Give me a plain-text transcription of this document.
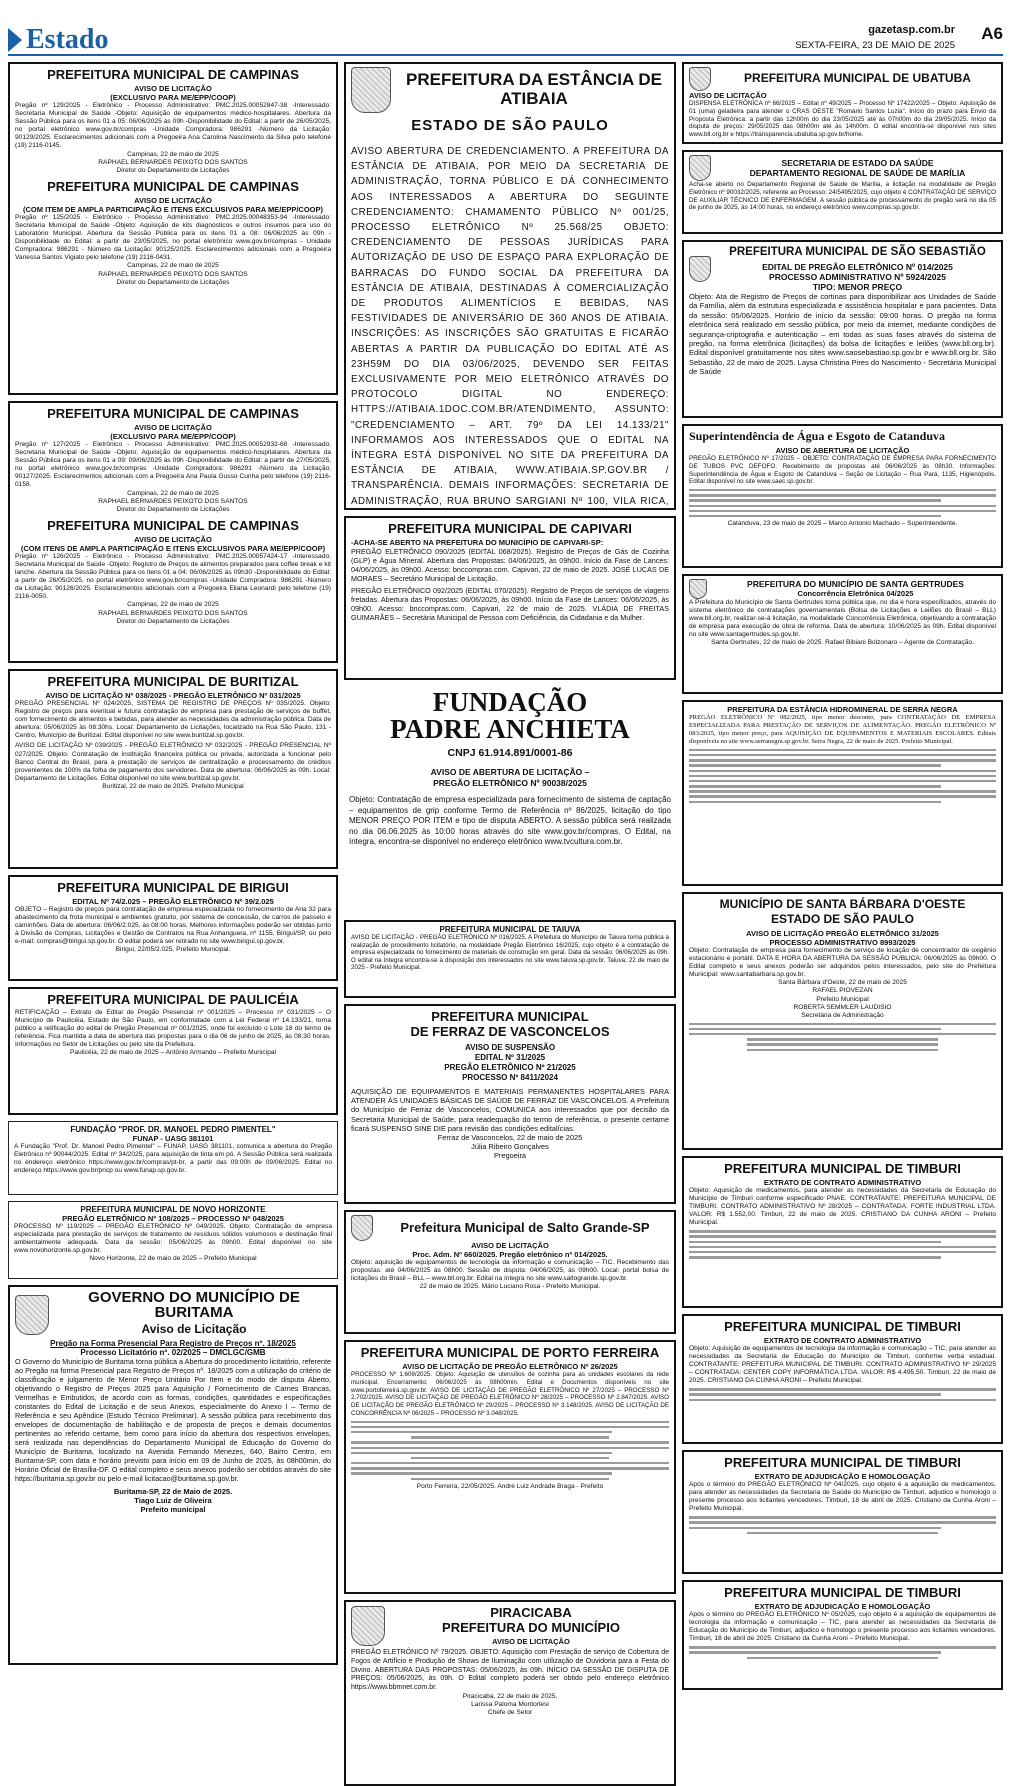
Estado	gazetasp.com.br
SEXTA-FEIRA, 23 DE MAIO DE 2025
A6
PREFEITURA MUNICIPAL DE CAMPINAS
AVISO DE LICITAÇÃO
(EXCLUSIVO PARA ME/EPP/COOP)
Pregão nº 129/2025 - Eletrônico - Processo Administrativo: PMC.2025.00052847-38 -Interessado: Secretaria Municipal de Saúde -Objeto: Aquisição de equipamentos médico-hospitalares. Abertura da Sessão Pública para os itens 01 a 05: 06/06/2025 às 09h -Disponibilidade do Edital: a partir de 26/05/2025, no portal eletrônico www.gov.br/compras -Unidade Compradora: 986291 -Número da Licitação: 90129/2025. Esclarecimentos adicionais com a Pregoeira Ana Carolina Nascimento da Silva pelo telefone (19) 2116-0145.
Campinas, 22 de maio de 2025
RAPHAEL BERNARDES PEIXOTO DOS SANTOS
Diretor do Departamento de Licitações
PREFEITURA MUNICIPAL DE CAMPINAS
AVISO DE LICITAÇÃO
(COM ITEM DE AMPLA PARTICIPAÇÃO E ITENS EXCLUSIVOS PARA ME/EPP/COOP)
Pregão nº 125/2025 - Eletrônico - Processo Administrativo: PMC.2025.00048353-94 -Interessado: Secretaria Municipal de Saúde -Objeto: Aquisição de kits diagnósticos e outros insumos para uso do Laboratório Municipal. Abertura da Sessão Pública para os itens 01 a 08: 06/06/2025 às 09h -Disponibilidade do Edital: a partir de 23/05/2025, no portal eletrônico www.gov.br/compras - Unidade Compradora: 986291 - Número da Licitação: 90125/2025. Esclarecimentos adicionais com a Pregoeira Vanessa Santos Vigiato pelo telefone (19) 2116-0431.
Campinas, 22 de maio de 2025
RAPHAEL BERNARDES PEIXOTO DOS SANTOS
Diretor do Departamento de Licitações
PREFEITURA MUNICIPAL DE CAMPINAS
AVISO DE LICITAÇÃO
(EXCLUSIVO PARA ME/EPP/COOP)
Pregão nº 127/2025 - Eletrônico - Processo Administrativo: PMC.2025.00052932-68 -Interessado: Secretaria Municipal de Saúde -Objeto: Aquisição de equipamentos médico-hospitalares. Abertura da Sessão Pública para os itens 01 a 09: 09/06/2025 às 09h -Disponibilidade do Edital: a partir de 27/05/2025, no portal eletrônico www.gov.br/compras -Unidade Compradora: 986291 -Número da Licitação: 90127/2025. Esclarecimentos adicionais com a Pregoeira Ana Paula Gusso Cunha pelo telefone (19) 2116-0158.
Campinas, 22 de maio de 2025
RAPHAEL BERNARDES PEIXOTO DOS SANTOS
Diretor do Departamento de Licitações
PREFEITURA MUNICIPAL DE CAMPINAS
AVISO DE LICITAÇÃO
(COM ITENS DE AMPLA PARTICIPAÇÃO E ITENS EXCLUSIVOS PARA ME/EPP/COOP)
Pregão nº 126/2025 - Eletrônico - Processo Administrativo: PMC.2025.00057424-17 -Interessado: Secretaria Municipal de Saúde -Objeto: Registro de Preços de alimentos preparados para coffee break e kit lanche. Abertura da Sessão Pública para os itens 01 a 04: 06/06/2025 às 09h30 -Disponibilidade do Edital: a partir de 26/05/2025, no portal eletrônico www.gov.br/compras -Unidade Compradora: 986291 -Número da Licitação: 90126/2025. Esclarecimentos adicionais com a Pregoeira Eliana Leonardi pelo telefone (19) 2116-0050.
Campinas, 22 de maio de 2025
RAPHAEL BERNARDES PEIXOTO DOS SANTOS
Diretor do Departamento de Licitações
PREFEITURA MUNICIPAL DE BURITIZAL
AVISO DE LICITAÇÃO Nº 038/2025 - PREGÃO ELETRÔNICO Nº 031/2025
PREGÃO PRESENCIAL Nº 024/2025, SISTEMA DE REGISTRO DE PREÇOS Nº 035/2025. Objeto: Registro de preços para eventual e futura contratação de empresa para prestação de serviços de buffet, com fornecimento de alimentos e bebidas, para atender as necessidades da administração pública. Data de abertura: 05/06/2025 às 08:30hs. Local: Departamento de Licitações, localizado na Rua São Paulo, 131 - Centro, Município de Buritizal. Edital disponível no site www.buritizal.sp.gov.br.
AVISO DE LICITAÇÃO Nº 039/2025 - PREGÃO ELETRÔNICO Nº 032/2025 - PREGÃO PRESENCIAL Nº 027/2025. Objeto: Contratação de instituição financeira pública ou privada, autorizada a funcionar pelo Banco Central do Brasil, para a prestação de serviços de centralização e processamento de créditos provenientes de 100% da folha de pagamento dos servidores. Data de abertura: 06/06/2025 às 09h. Local: Departamento de Licitações. Edital disponível no site www.buritizal.sp.gov.br.
Buritizal, 22 de maio de 2025. Prefeito Municipal
PREFEITURA MUNICIPAL DE BIRIGUI
EDITAL Nº 74/2.025 – PREGÃO ELETRÔNICO Nº 39/2.025
OBJETO – Registro de preços para contratação de empresa especializada no fornecimento de Aria 32 para abastecimento da frota municipal e ambientes gratuito, por sistema de concessão, de carros de passeio e caminhões. Data de abertura: 06/06/2.025, às 08:00 horas. Melhores informações poderão ser obtidas junto à Divisão de Compras, Licitações e Gestão de Contratos na Rua Anhanguera, nº 1155, Birigui/SP, ou pelo e-mail: compras@birigui.sp.gov.br. O edital poderá ser retirado no site www.birigui.sp.gov.br.
Birigui, 22/05/2.025. Prefeito Municipal.
PREFEITURA MUNICIPAL DE PAULICÉIA
RETIFICAÇÃO – Extrato de Edital de Pregão Presencial nº 001/2025 – Processo nº 031/2025 – O Município de Paulicéia, Estado de São Paulo, em conformidade com a Lei Federal nº 14.133/21, torna público a retificação do edital de Pregão Presencial nº 001/2025, onde foi excluído o Lote 18 do termo de referência. Fica mantida a data de abertura das propostas para o dia 06 de junho de 2025, às 08:30 horas. Informações no Setor de Licitações ou pelo site da Prefeitura.
Paulicéia, 22 de maio de 2025 – Antônio Armando – Prefeito Municipal
FUNDAÇÃO "PROF. DR. MANOEL PEDRO PIMENTEL"
FUNAP - UASG 381101
A Fundação "Prof. Dr. Manoel Pedro Pimentel" – FUNAP, UASG 381101, comunica a abertura do Pregão Eletrônico nº 90044/2025. Edital nº 34/2025, para aquisição de tinta em pó. A Sessão Pública será realizada no endereço eletrônico https://www.gov.br/compras/pt-br, a partir das 09:00h de 09/06/2025. Edital no endereço https://www.gov.br/pncp ou www.funap.sp.gov.br.
PREFEITURA MUNICIPAL DE NOVO HORIZONTE
PREGÃO ELETRÔNICO Nº 108/2025 – PROCESSO Nº 048/2025
PROCESSO Nº 119/2025 – PREGÃO ELETRÔNICO Nº 049/2025. Objeto: Contratação de empresa especializada para prestação de serviços de tratamento de resíduos sólidos volumosos e destinação final ambientalmente adequada. Data da sessão: 05/06/2025 às 09h00. Edital disponível no site www.novohorizonte.sp.gov.br.
Novo Horizonte, 22 de maio de 2025 – Prefeito Municipal
GOVERNO DO MUNICÍPIO DE BURITAMA
Aviso de Licitação
Pregão na Forma Presencial Para Registro de Preços nº. 18/2025
Processo Licitatório nº. 02/2025 – DMCLGC/GMB
O Governo do Município de Buritama torna pública a Abertura do procedimento licitatório, referente ao Pregão na forma Presencial para Registro de Preços nº. 18/2025 com a utilização do critério de classificação e julgamento de Menor Preço Unitário Por Item e do modo de disputa Aberto, objetivando o Registro de Preços 2025 para Aquisição / Fornecimento de Carnes Brancas, Vermelhas e Embutidos, de acordo com as formas, condições, quantidades e especificações constantes do Edital de Licitação e de seus Anexos, especialmente do Anexo I – Termo de Referência e seu Apêndice (Estudo Técnico Preliminar). A sessão pública para recebimento dos envelopes de documentação de habilitação e de proposta de preços e demais documentos pertinentes ao referido certame, bem como para início da abertura dos respectivos envelopes, será realizada nas dependências do Departamento Municipal de Educação do Governo do Município de Buritama, localizado na Avenida Fernando Menezes, 640, Bairro Centro, em Buritama-SP, com data e horário previsto para início em 09 de Junho de 2025, às 08h00min, do Horário Oficial de Brasília-DF. O edital completo e seus anexos poderão ser obtidos através do site https://buritama.sp.gov.br ou pelo e-mail licitacao@buritama.sp.gov.br.
Buritama-SP, 22 de Maio de 2025.
Tiago Luiz de Oliveira
Prefeito municipal
PREFEITURA DA ESTÂNCIA DE ATIBAIA
ESTADO DE SÃO PAULO
AVISO ABERTURA DE CREDENCIAMENTO. A PREFEITURA DA ESTÂNCIA DE ATIBAIA, POR MEIO DA SECRETARIA DE ADMINISTRAÇÃO, TORNA PÚBLICO E DÁ CONHECIMENTO AOS INTERESSADOS A ABERTURA DO SEGUINTE CREDENCIAMENTO: CHAMAMENTO PÚBLICO Nº 001/25, PROCESSO ELETRÔNICO Nº 25.568/25 OBJETO: CREDENCIAMENTO DE PESSOAS JURÍDICAS PARA AUTORIZAÇÃO DE USO DE ESPAÇO PARA EXPLORAÇÃO DE BARRACAS DO FUNDO SOCIAL DA PREFEITURA DA ESTÂNCIA DE ATIBAIA, DESTINADAS À COMERCIALIZAÇÃO DE PRODUTOS ALIMENTÍCIOS E BEBIDAS, NAS FESTIVIDADES DE ANIVERSÁRIO DE 360 ANOS DE ATIBAIA. INSCRIÇÕES: AS INSCRIÇÕES SÃO GRATUITAS E FICARÃO ABERTAS A PARTIR DA PUBLICAÇÃO DO EDITAL ATÉ AS 23H59M DO DIA 03/06/2025, DEVENDO SER FEITAS EXCLUSIVAMENTE POR MEIO ELETRÔNICO ATRAVÉS DO PROTOCOLO DIGITAL NO ENDEREÇO: HTTPS://ATIBAIA.1DOC.COM.BR/ATENDIMENTO, ASSUNTO: "CREDENCIAMENTO – ART. 79º DA LEI 14.133/21" INFORMAMOS AOS INTERESSADOS QUE O EDITAL NA ÍNTEGRA ESTÁ DISPONÍVEL NO SITE DA PREFEITURA DA ESTÂNCIA DE ATIBAIA, WWW.ATIBAIA.SP.GOV.BR / TRANSPARÊNCIA. DEMAIS INFORMAÇÕES: SECRETARIA DE ADMINISTRAÇÃO, RUA BRUNO SARGIANI Nº 100, VILA RICA,
PREFEITURA MUNICIPAL DE CAPIVARI
-ACHA-SE ABERTO NA PREFEITURA DO MUNICÍPIO DE CAPIVARI-SP:
PREGÃO ELETRÔNICO 090/2025 (EDITAL 068/2025). Registro de Preços de Gás de Cozinha (GLP) e Água Mineral. Abertura das Propostas: 04/06/2025, às 09h00. Início da Fase de Lances: 04/06/2025, às 09h00. Acesso: bnccompras.com. Capivari, 22 de maio de 2025. JOSÉ LUCAS DE MORAES – Secretário Municipal de Licitação.
PREGÃO ELETRÔNICO 092/2025 (EDITAL 070/2025). Registro de Preços de serviços de viagens fretadas. Abertura das Propostas: 06/06/2025, às 09h00. Início da Fase de Lances: 06/06/2025, às 09h00. Acesso: bnccompras.com. Capivari, 22 de maio de 2025. VLÁDIA DE FREITAS GUIMARÃES – Secretária Municipal de Pessoa com Deficiência, da Cidadania e da Mulher.
FUNDAÇÃO PADRE ANCHIETA
CNPJ 61.914.891/0001-86
AVISO DE ABERTURA DE LICITAÇÃO –
PREGÃO ELETRÔNICO Nº 90038/2025
Objeto: Contratação de empresa especializada para fornecimento de sistema de captação – equipamentos de grip conforme Termo de Referência nº 86/2025, licitação do tipo MENOR PREÇO POR ITEM e tipo de disputa ABERTO. A sessão pública será realizada no dia 06.06.2025 às 10:00 horas através do site www.gov.br/compras. O Edital, na íntegra, encontra-se disponível no endereço eletrônico www.tvcultura.com.br.
PREFEITURA MUNICIPAL DE TAIUVA
AVISO DE LICITAÇÃO - PREGÃO ELETRÔNICO Nº 016/2025. A Prefeitura do Município de Taiuva torna pública a realização de procedimento licitatório, na modalidade Pregão Eletrônico 16/2025, cujo objeto é a contratação de empresa especializada no fornecimento de materiais de construção em geral. Data da sessão: 06/06/2025 às 09h. O edital na íntegra encontra-se à disposição dos interessados no site www.taiuva.sp.gov.br. Taiuva, 22 de maio de 2025 - Prefeito Municipal.
PREFEITURA MUNICIPAL
DE FERRAZ DE VASCONCELOS
AVISO DE SUSPENSÃO
EDITAL Nº 31/2025
PREGÃO ELETRÔNICO Nº 21/2025
PROCESSO Nº 8411/2024
AQUISIÇÃO DE EQUIPAMENTOS E MATERIAIS PERMANENTES HOSPITALARES PARA ATENDER ÀS UNIDADES BÁSICAS DE SAÚDE DE FERRAZ DE VASCONCELOS. A Prefeitura do Município de Ferraz de Vasconcelos, COMUNICA aos interessados que por decisão da Secretaria Municipal de Saúde, para readequação do termo de referência, o presente certame ficará SUSPENSO SINE DIE para revisão das condições editalícias.
Ferraz de Vasconcelos, 22 de maio de 2025
Júlia Ribeiro Gonçalves
Pregoeira
Prefeitura Municipal de Salto Grande-SP
AVISO DE LICITAÇÃO
Proc. Adm. Nº 660/2025. Pregão eletrônico nº 014/2025.
Objeto: aquisição de equipamentos de tecnologia da informação e comunicação – TIC. Recebimento das propostas: até 04/06/2025 às 08h00. Sessão de disputa: 04/06/2025, às 09h00. Local: portal bolsa de licitações do Brasil – BLL – www.bll.org.br. Edital na íntegra no site www.saltogrande.sp.gov.br.
22 de maio de 2025. Mário Luciano Rosa - Prefeito Municipal.
PREFEITURA MUNICIPAL DE PORTO FERREIRA
AVISO DE LICITAÇÃO DE PREGÃO ELETRÔNICO Nº 26/2025
PROCESSO Nº 1.609/2025. Objeto: Aquisição de utensílios de cozinha para as unidades escolares da rede municipal. Encerramento: 06/06/2025 às 08h00min. Edital e Documentos disponíveis no site www.portoferreira.sp.gov.br. AVISO DE LICITAÇÃO DE PREGÃO ELETRÔNICO Nº 27/2025 – PROCESSO Nº 2.702/2025. AVISO DE LICITAÇÃO DE PREGÃO ELETRÔNICO Nº 28/2025 – PROCESSO Nº 2.847/2025. AVISO DE LICITAÇÃO DE PREGÃO ELETRÔNICO Nº 29/2025 – PROCESSO Nº 3.148/2025. AVISO DE LICITAÇÃO DE CONCORRÊNCIA Nº 06/2025 – PROCESSO Nº 3.048/2025.
Porto Ferreira, 22/05/2025. André Luiz Andrade Braga - Prefeito
PIRACICABA
PREFEITURA DO MUNICÍPIO
AVISO DE LICITAÇÃO
PREGÃO ELETRÔNICO Nº 79/2025. OBJETO: Aquisição com Prestação de serviço de Cobertura de Fogos de Artifício e Produção de Shows de Iluminação com utilização de Ouvidoria para a Festa do Divino. ABERTURA DAS PROPOSTAS: 05/06/2025, às 09h. INÍCIO DA SESSÃO DE DISPUTA DE PREÇOS: 05/06/2025, às 09h. O Edital completo poderá ser obtido pelo endereço eletrônico https://www.bbmnet.com.br.
Piracicaba, 22 de maio de 2025.
Larissa Paloma Montorlesi
Chefe de Setor
PREFEITURA MUNICIPAL DE UBATUBA
AVISO DE LICITAÇÃO
DISPENSA ELETRÔNICA nº 66/2025 – Edital nº 49/2025 – Processo Nº 17422/2025 – Objeto: Aquisição de 01 (uma) geladeira para atender o CRAS OESTE "Romário Santos Luzia". Início do prazo para Envio da Proposta Eletrônica: a partir das 12h00m do dia 23/05/2025 até às 07h00m do dia 29/05/2025. Início da disputa de preços: 29/05/2025 das 08h00m até às 14h00m. O edital encontra-se disponível nos sites www.bll.org.br e https://transparencia.ubatuba.sp.gov.br/home.
SECRETARIA DE ESTADO DA SAÚDE
DEPARTAMENTO REGIONAL DE SAÚDE DE MARÍLIA
Acha-se aberto no Departamento Regional de Saúde de Marília, a licitação na modalidade de Pregão Eletrônico nº 90032/2025, referente ao Processo: 24/5495/2025, cujo objeto é CONTRATAÇÃO DE SERVIÇO DE AUXILIAR TÉCNICO DE ENFERMAGEM. A sessão pública de processamento do pregão será no dia 05 de junho de 2025, às 14:00 horas, no endereço eletrônico www.compras.sp.gov.br.
PREFEITURA MUNICIPAL DE SÃO SEBASTIÃO
EDITAL DE PREGÃO ELETRÔNICO Nº 014/2025
PROCESSO ADMINISTRATIVO Nº 5924/2025
TIPO: MENOR PREÇO
Objeto: Ata de Registro de Preços de cortinas para disponibilizar aos Unidades de Saúde da Família, além da estrutura especializada e assistência hospitalar e para pacientes. Data da sessão: 05/06/2025. Horário de início da sessão: 09:00 horas. O pregão na forma eletrônica será realizado em sessão pública, por meio da internet, mediante condições de segurança-criptografia e autenticação – em todas as suas fases através do sistema de pregão, na forma eletrônica (licitações) da bolsa de licitações e leilões (www.bll.org.br). Edital disponível gratuitamente nos sites www.saosebastiao.sp.gov.br e www.bll.org.br. São Sebastião, 22 de maio de 2025. Laysa Christina Pires do Nascimento - Secretária Municipal de Saúde
Superintendência de Água e Esgoto de Catanduva
AVISO DE ABERTURA DE LICITAÇÃO
PREGÃO ELETRÔNICO Nº 17/2025 – OBJETO: CONTRATAÇÃO DE EMPRESA PARA FORNECIMENTO DE TUBOS PVC DEFOFO. Recebimento de propostas até 06/06/2025 às 08h30. Informações: Superintendência de Água e Esgoto de Catanduva – Seção de Licitação – Rua Pará, 1135, Higienópolis. Edital disponível no site www.saec.sp.gov.br.
Catanduva, 23 de maio de 2025 – Marco Antonio Machado – Superintendente.
PREFEITURA DO MUNICÍPIO DE SANTA GERTRUDES
Concorrência Eletrônica 04/2025
A Prefeitura do Município de Santa Gertrudes torna pública que, no dia e hora especificados, através do sistema eletrônico de contratações governamentais (Bolsa de Licitações e Leilões do Brasil – BLL) www.bll.org.br, realizar-se-á licitação, na modalidade Concorrência Eletrônica, objetivando a contratação de empresa para execução de obra de reforma. Data de abertura: 10/06/2025 às 09h. Edital disponível no site www.santagertrudes.sp.gov.br.
Santa Gertrudes, 22 de maio de 2025. Rafael Bibiani Bolzonaro – Agente de Contratação.
PREFEITURA DA ESTÂNCIA HIDROMINERAL DE SERRA NEGRA
PREGÃO ELETRÔNICO Nº 082/2025, tipo menor desconto, para CONTRATAÇÃO DE EMPRESA ESPECIALIZADA PARA PRESTAÇÃO DE SERVIÇOS DE ALIMENTAÇÃO. PREGÃO ELETRÔNICO Nº 083/2025, tipo menor preço, para AQUISIÇÃO DE EQUIPAMENTOS E MATERIAIS ESCOLARES. Editais disponíveis no site www.serranegra.sp.gov.br. Serra Negra, 22 de maio de 2025. Prefeito Municipal.
MUNICÍPIO DE SANTA BÁRBARA D'OESTE
ESTADO DE SÃO PAULO
AVISO DE LICITAÇÃO PREGÃO ELETRÔNICO 31/2025
PROCESSO ADMINISTRATIVO 8993/2025
Objeto: Contratação de empresa para fornecimento de serviço de locação de concentrador de oxigênio estacionário e portátil. DATA E HORA DA ABERTURA DA SESSÃO PÚBLICA: 06/06/2025 às 09h00. O Edital completo e seus anexos poderão ser adquiridos pelos interessados, pelo site do Prefeitura Municipal: www.santabarbara.sp.gov.br.
Santa Bárbara d'Oeste, 22 de maio de 2025
RAFAEL PIOVEZAN
Prefeito Municipal
ROBERTA SEMMLER LAUDISIO
Secretária de Administração
PREFEITURA MUNICIPAL DE TIMBURI
EXTRATO DE CONTRATO ADMINISTRATIVO
Objeto: Aquisição de medicamentos, para atender as necessidades da Secretaria de Educação do Município de Timburi conforme especificado PNAE. CONTRATANTE: PREFEITURA MUNICIPAL DE TIMBURI. CONTRATO ADMINISTRATIVO Nº 28/2025 – CONTRATADA: FORTE INDUSTRIAL LTDA. VALOR: R$ 1.552,00. Timburi, 22 de maio de 2025. CRISTIANO DA CUNHA ARONI – Prefeito Municipal.
PREFEITURA MUNICIPAL DE TIMBURI
EXTRATO DE CONTRATO ADMINISTRATIVO
Objeto: Aquisição de equipamentos de tecnologia da informação e comunicação – TIC, para atender as necessidades da Secretaria de Educação do Município de Timburi, conforme verba estadual. CONTRATANTE: PREFEITURA MUNICIPAL DE TIMBURI. CONTRATO ADMINISTRATIVO Nº 29/2025 – CONTRATADA: CENTER COPY INFORMÁTICA LTDA. VALOR: R$ 4.495,50. Timburi, 22 de maio de 2025. CRISTIANO DA CUNHA ARONI – Prefeito Municipal.
PREFEITURA MUNICIPAL DE TIMBURI
EXTRATO DE ADJUDICAÇÃO E HOMOLOGAÇÃO
Após o término do PREGÃO ELETRÔNICO Nº 04/2025, cujo objeto é a aquisição de medicamentos, para atender as necessidades da Secretaria de Saúde do Município de Timburi, adjudico e homologo o presente processo aos licitantes vencedores. Timburi, 18 de abril de 2025. Cristiano da Cunha Aroni – Prefeito Municipal.
PREFEITURA MUNICIPAL DE TIMBURI
EXTRATO DE ADJUDICAÇÃO E HOMOLOGAÇÃO
Após o término do PREGÃO ELETRÔNICO Nº 05/2025, cujo objeto é a aquisição de equipamentos de tecnologia da informação e comunicação – TIC, para atender as necessidades da Secretaria de Educação do Município de Timburi, adjudico e homologo o presente processo aos licitantes vencedores. Timburi, 18 de abril de 2025. Cristiano da Cunha Aroni – Prefeito Municipal.
